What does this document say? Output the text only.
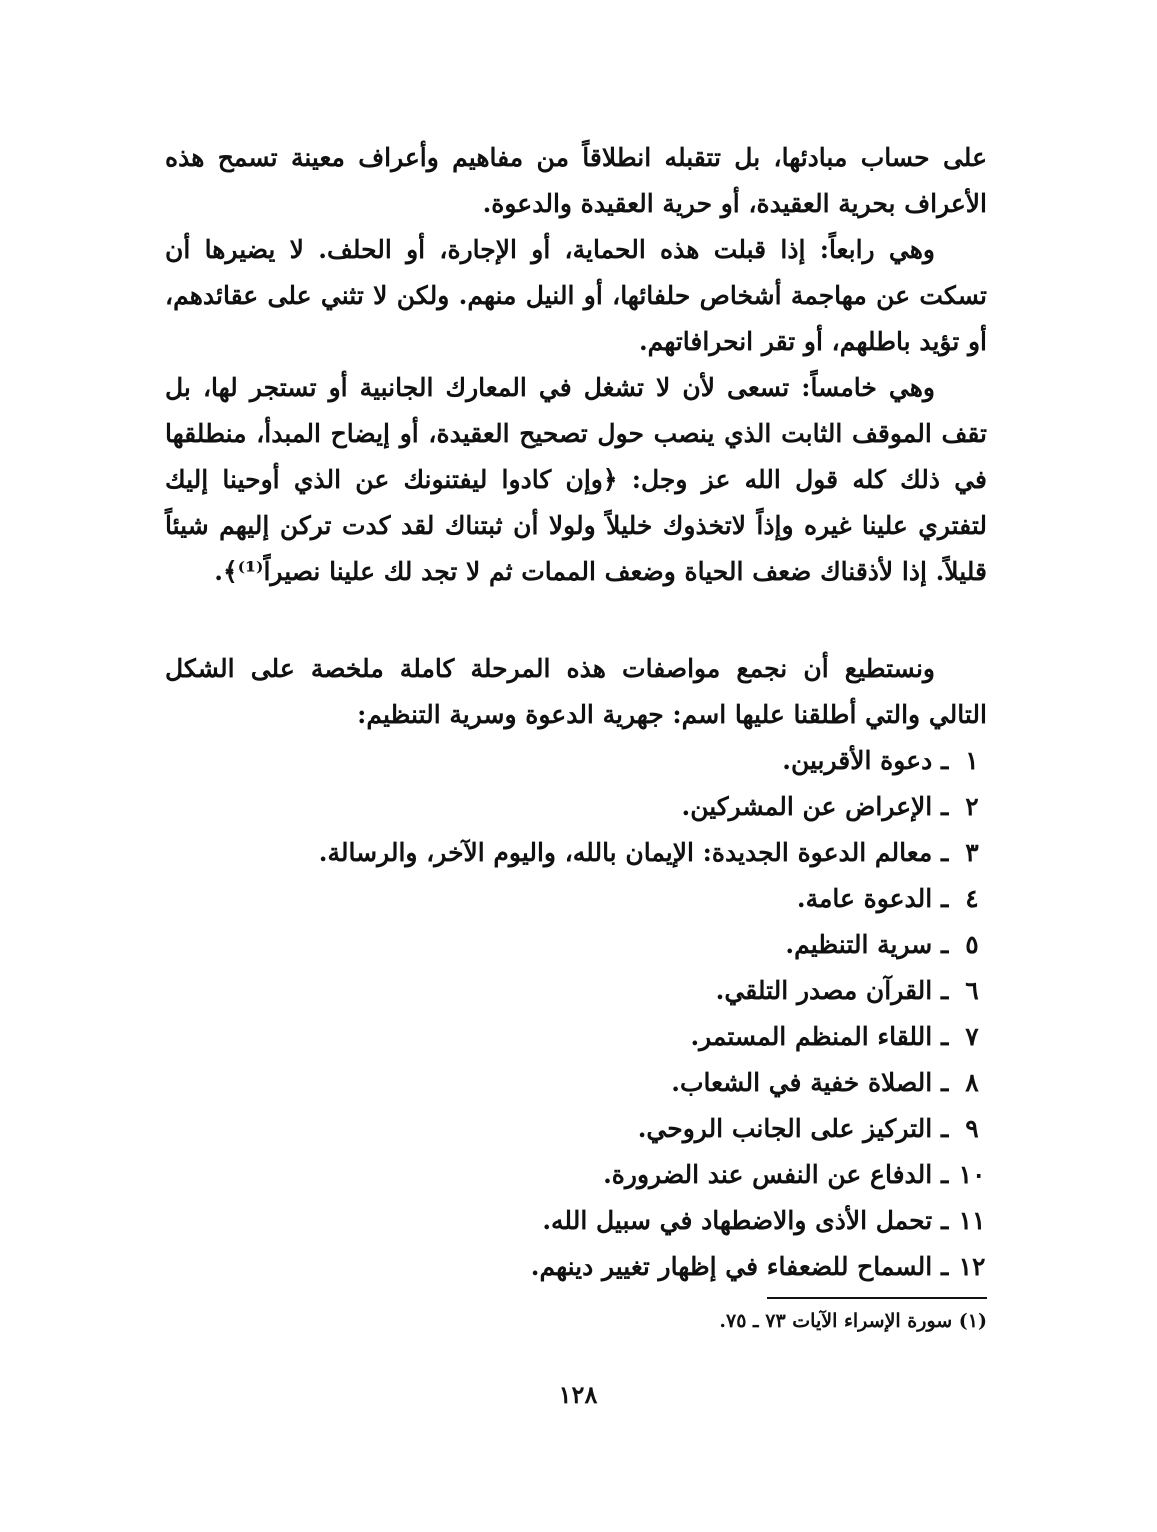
على حساب مبادئها، بل تتقبله انطلاقاً من مفاهيم وأعراف معينة تسمح هذه الأعراف بحرية العقيدة، أو حرية العقيدة والدعوة.

وهي رابعاً: إذا قبلت هذه الحماية، أو الإجارة، أو الحلف. لا يضيرها أن تسكت عن مهاجمة أشخاص حلفائها، أو النيل منهم. ولكن لا تثني على عقائدهم، أو تؤيد باطلهم، أو تقر انحرافاتهم.

وهي خامساً: تسعى لأن لا تشغل في المعارك الجانبية أو تستجر لها، بل تقف الموقف الثابت الذي ينصب حول تصحيح العقيدة، أو إيضاح المبدأ، منطلقها في ذلك كله قول الله عز وجل: ﴿وإن كادوا ليفتنونك عن الذي أوحينا إليك لتفتري علينا غيره وإذاً لاتخذوك خليلاً ولولا أن ثبتناك لقد كدت تركن إليهم شيئاً قليلاً. إذا لأذقناك ضعف الحياة وضعف الممات ثم لا تجد لك علينا نصيراً⁽¹⁾﴾.

ونستطيع أن نجمع مواصفات هذه المرحلة كاملة ملخصة على الشكل التالي والتي أطلقنا عليها اسم: جهرية الدعوة وسرية التنظيم:

١ ـ دعوة الأقربين.
٢ ـ الإعراض عن المشركين.
٣ ـ معالم الدعوة الجديدة: الإيمان بالله، واليوم الآخر، والرسالة.
٤ ـ الدعوة عامة.
٥ ـ سرية التنظيم.
٦ ـ القرآن مصدر التلقي.
٧ ـ اللقاء المنظم المستمر.
٨ ـ الصلاة خفية في الشعاب.
٩ ـ التركيز على الجانب الروحي.
١٠ ـ الدفاع عن النفس عند الضرورة.
١١ ـ تحمل الأذى والاضطهاد في سبيل الله.
١٢ ـ السماح للضعفاء في إظهار تغيير دينهم.
(١) سورة الإسراء الآيات ٧٣ ـ ٧٥.
١٢٨
